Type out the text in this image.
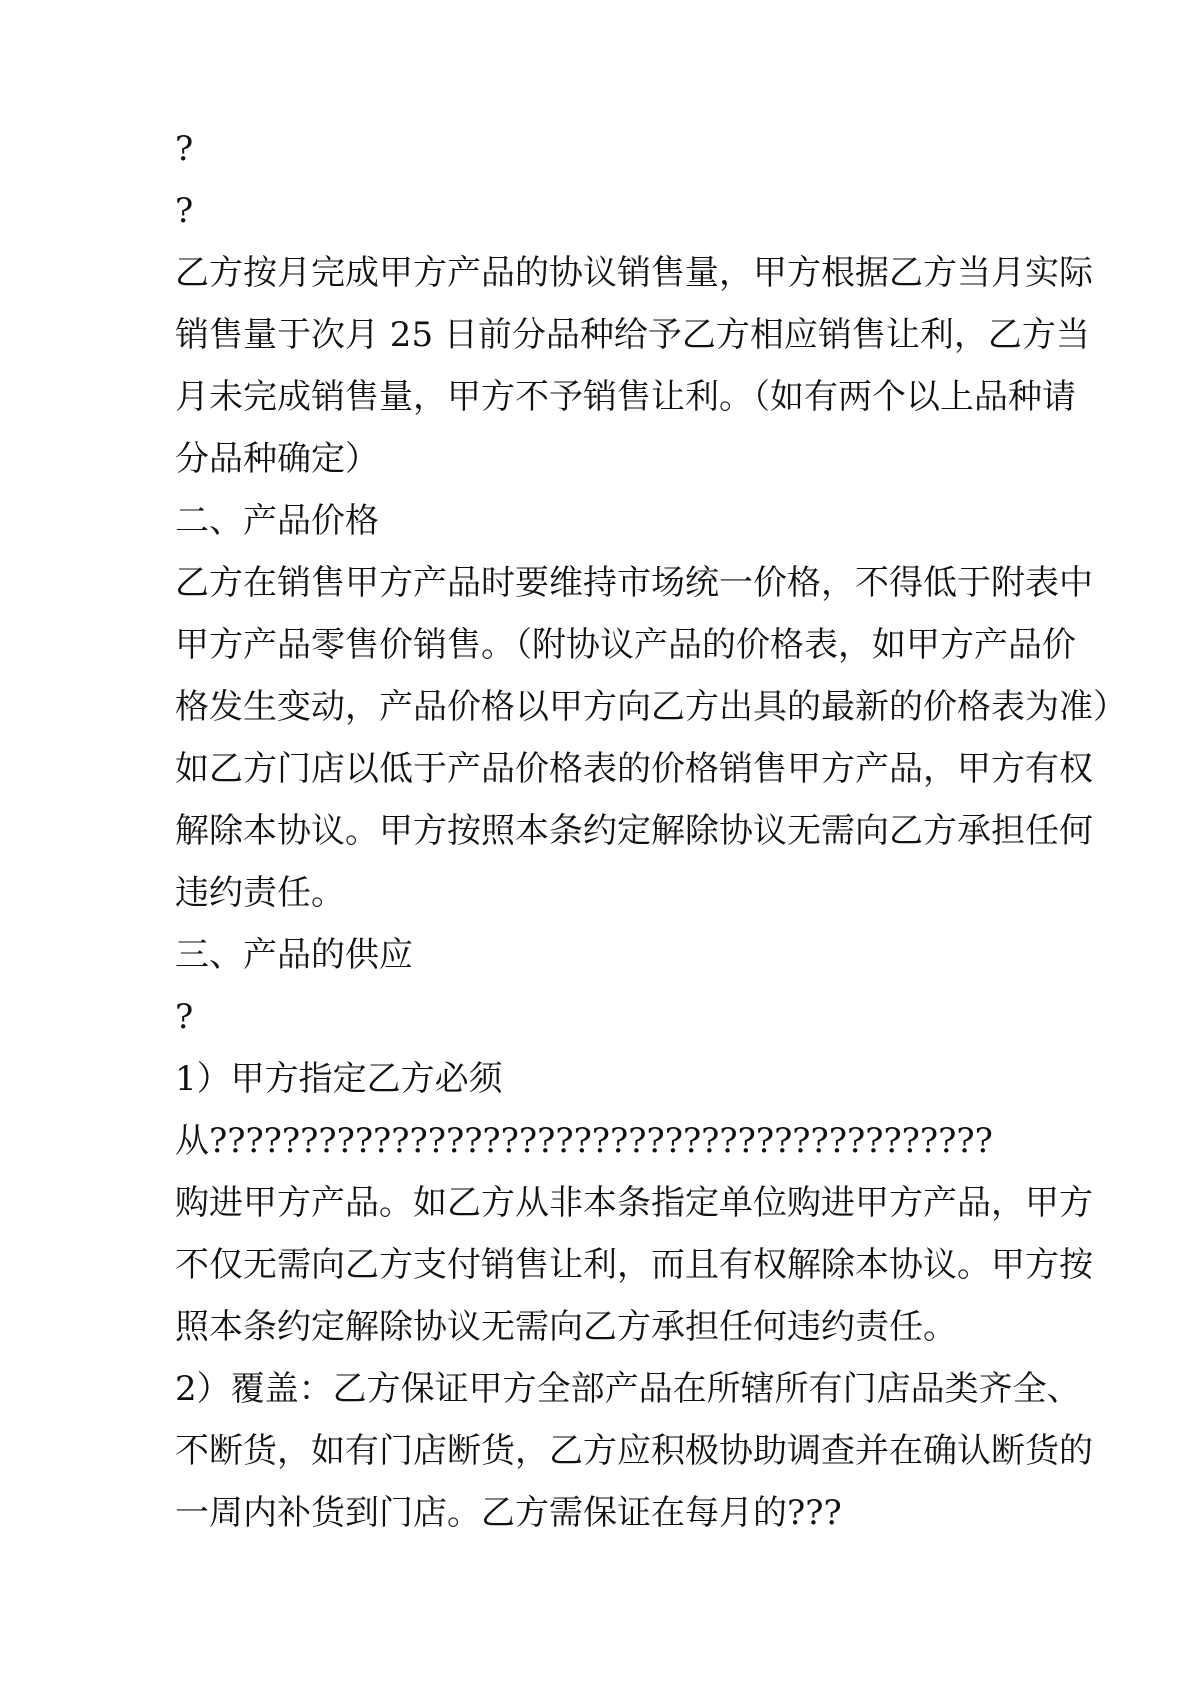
?
?
乙方按月完成甲方产品的协议销售量，甲方根据乙方当月实际
销售量于次月 25 日前分品种给予乙方相应销售让利，乙方当
月未完成销售量，甲方不予销售让利。（如有两个以上品种请
分品种确定）
二、产品价格
乙方在销售甲方产品时要维持市场统一价格，不得低于附表中
甲方产品零售价销售。（附协议产品的价格表，如甲方产品价
格发生变动，产品价格以甲方向乙方出具的最新的价格表为准）
如乙方门店以低于产品价格表的价格销售甲方产品，甲方有权
解除本协议。甲方按照本条约定解除协议无需向乙方承担任何
违约责任。
三、产品的供应
?
1）甲方指定乙方必须
从???????????????????????????????????????????
购进甲方产品。如乙方从非本条指定单位购进甲方产品，甲方
不仅无需向乙方支付销售让利，而且有权解除本协议。甲方按
照本条约定解除协议无需向乙方承担任何违约责任。
2）覆盖：乙方保证甲方全部产品在所辖所有门店品类齐全、
不断货，如有门店断货，乙方应积极协助调查并在确认断货的
一周内补货到门店。乙方需保证在每月的???
